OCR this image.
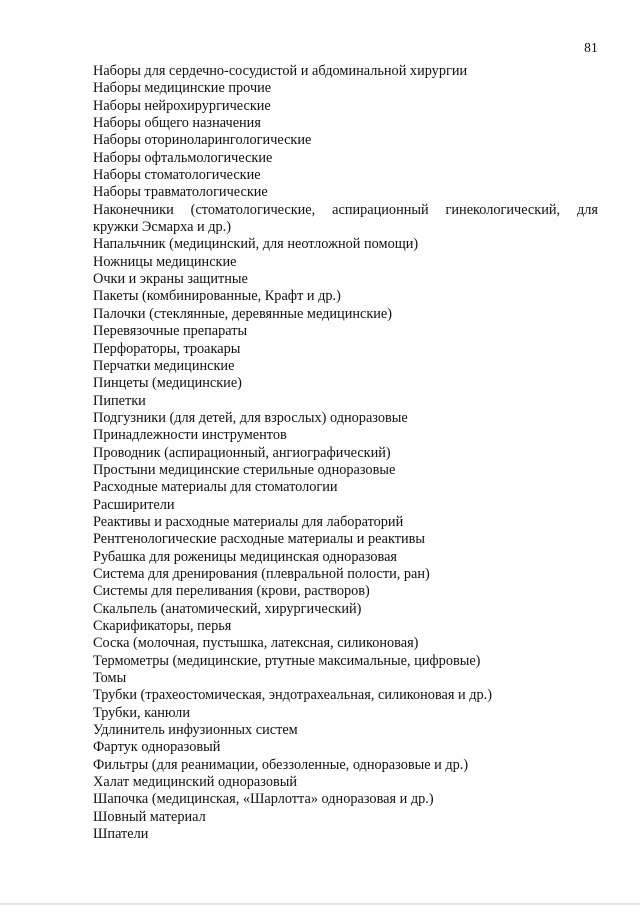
81
Наборы для сердечно-сосудистой и абдоминальной хирургии
Наборы медицинские прочие
Наборы нейрохирургические
Наборы общего назначения
Наборы оториноларингологические
Наборы офтальмологические
Наборы стоматологические
Наборы травматологические
Наконечники (стоматологические, аспирационный гинекологический, для
кружки Эсмарха и др.)
Напальчник (медицинский, для неотложной помощи)
Ножницы медицинские
Очки и экраны защитные
Пакеты (комбинированные, Крафт и др.)
Палочки (стеклянные, деревянные медицинские)
Перевязочные препараты
Перфораторы, троакары
Перчатки медицинские
Пинцеты (медицинские)
Пипетки
Подгузники (для детей, для взрослых) одноразовые
Принадлежности инструментов
Проводник (аспирационный, ангиографический)
Простыни медицинские стерильные одноразовые
Расходные материалы для стоматологии
Расширители
Реактивы и расходные материалы для лабораторий
Рентгенологические расходные материалы и реактивы
Рубашка для роженицы медицинская одноразовая
Система для дренирования (плевральной полости, ран)
Системы для переливания (крови, растворов)
Скальпель (анатомический, хирургический)
Скарификаторы, перья
Соска (молочная, пустышка, латексная, силиконовая)
Термометры (медицинские, ртутные максимальные, цифровые)
Томы
Трубки (трахеостомическая, эндотрахеальная, силиконовая и др.)
Трубки, канюли
Удлинитель инфузионных систем
Фартук одноразовый
Фильтры (для реанимации, обеззоленные, одноразовые и др.)
Халат медицинский одноразовый
Шапочка (медицинская, «Шарлотта» одноразовая и др.)
Шовный материал
Шпатели
